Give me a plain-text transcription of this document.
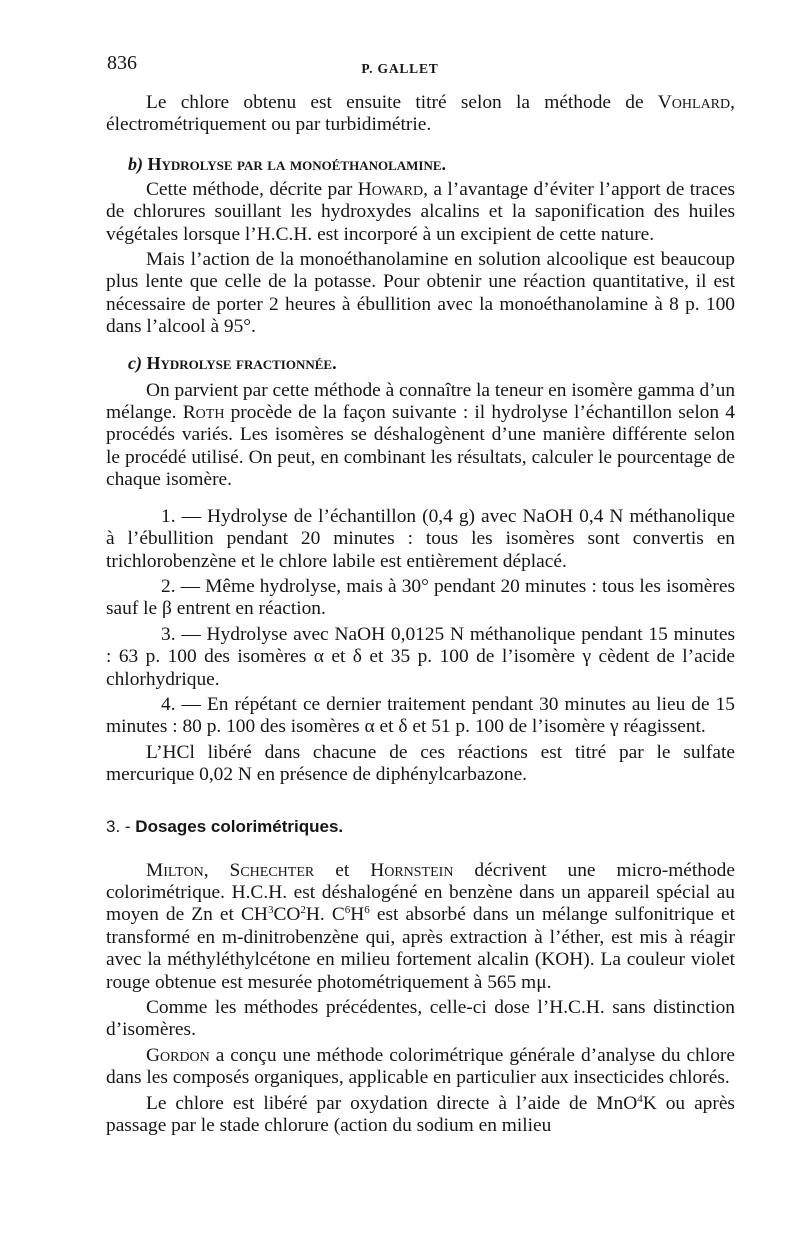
836	P. GALLET

Le chlore obtenu est ensuite titré selon la méthode de Vohlard, électrométriquement ou par turbidimétrie.

b) Hydrolyse par la monoéthanolamine.

Cette méthode, décrite par Howard, a l’avantage d’éviter l’apport de traces de chlorures souillant les hydroxydes alcalins et la saponification des huiles végétales lorsque l’H.C.H. est incorporé à un excipient de cette nature.

Mais l’action de la monoéthanolamine en solution alcoolique est beaucoup plus lente que celle de la potasse. Pour obtenir une réaction quantitative, il est nécessaire de porter 2 heures à ébullition avec la monoéthanolamine à 8 p. 100 dans l’alcool à 95°.

c) Hydrolyse fractionnée.

On parvient par cette méthode à connaître la teneur en isomère gamma d’un mélange. Roth procède de la façon suivante : il hydrolyse l’échantillon selon 4 procédés variés. Les isomères se déshalogènent d’une manière différente selon le procédé utilisé. On peut, en combinant les résultats, calculer le pourcentage de chaque isomère.

1. — Hydrolyse de l’échantillon (0,4 g) avec NaOH 0,4 N méthanolique à l’ébullition pendant 20 minutes : tous les isomères sont convertis en trichlorobenzène et le chlore labile est entièrement déplacé.

2. — Même hydrolyse, mais à 30° pendant 20 minutes : tous les isomères sauf le β entrent en réaction.

3. — Hydrolyse avec NaOH 0,0125 N méthanolique pendant 15 minutes : 63 p. 100 des isomères α et δ et 35 p. 100 de l’isomère γ cèdent de l’acide chlorhydrique.

4. — En répétant ce dernier traitement pendant 30 minutes au lieu de 15 minutes : 80 p. 100 des isomères α et δ et 51 p. 100 de l’isomère γ réagissent.

L’HCl libéré dans chacune de ces réactions est titré par le sulfate mercurique 0,02 N en présence de diphénylcarbazone.

3. - Dosages colorimétriques.

Milton, Schechter et Hornstein décrivent une micro-méthode colorimétrique. H.C.H. est déshalogéné en benzène dans un appareil spécial au moyen de Zn et $CH^3CO^2H$. $C^6H^6$ est absorbé dans un mélange sulfonitrique et transformé en m-dinitrobenzène qui, après extraction à l’éther, est mis à réagir avec la méthyléthylcétone en milieu fortement alcalin (KOH). La couleur violet rouge obtenue est mesurée photométriquement à 565 mμ.

Comme les méthodes précédentes, celle-ci dose l’H.C.H. sans distinction d’isomères.

Gordon a conçu une méthode colorimétrique générale d’analyse du chlore dans les composés organiques, applicable en particulier aux insecticides chlorés.

Le chlore est libéré par oxydation directe à l’aide de MnO$^4$K ou après passage par le stade chlorure (action du sodium en milieu
